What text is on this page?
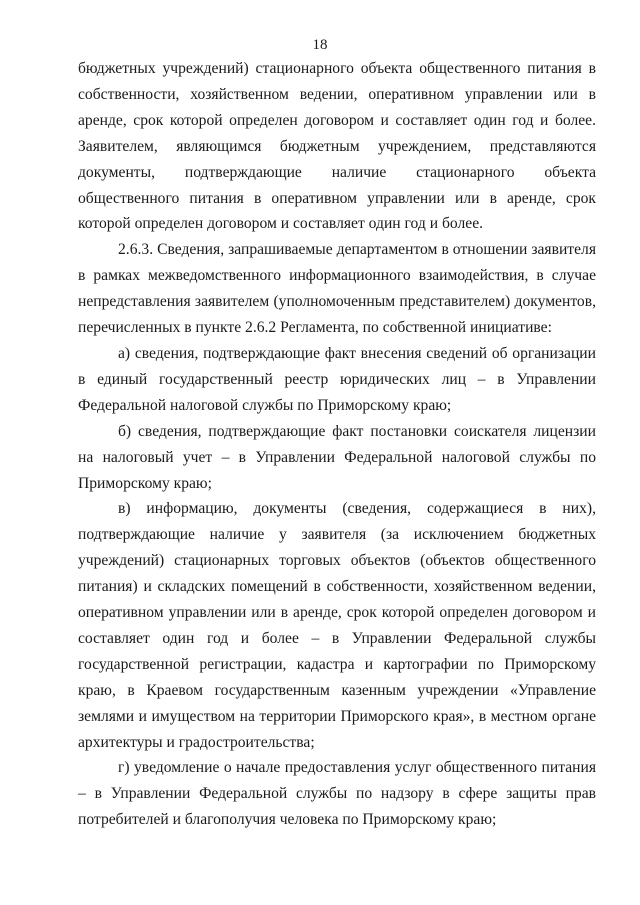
18

бюджетных учреждений) стационарного объекта общественного питания в собственности, хозяйственном ведении, оперативном управлении или в аренде, срок которой определен договором и составляет один год и более. Заявителем, являющимся бюджетным учреждением, представляются документы, подтверждающие наличие стационарного объекта общественного питания в оперативном управлении или в аренде, срок которой определен договором и составляет один год и более.

2.6.3. Сведения, запрашиваемые департаментом в отношении заявителя в рамках межведомственного информационного взаимодействия, в случае непредставления заявителем (уполномоченным представителем) документов, перечисленных в пункте 2.6.2 Регламента, по собственной инициативе:

а) сведения, подтверждающие факт внесения сведений об организации в единый государственный реестр юридических лиц – в Управлении Федеральной налоговой службы по Приморскому краю;

б) сведения, подтверждающие факт постановки соискателя лицензии на налоговый учет – в Управлении Федеральной налоговой службы по Приморскому краю;

в) информацию, документы (сведения, содержащиеся в них), подтверждающие наличие у заявителя (за исключением бюджетных учреждений) стационарных торговых объектов (объектов общественного питания) и складских помещений в собственности, хозяйственном ведении, оперативном управлении или в аренде, срок которой определен договором и составляет один год и более – в Управлении Федеральной службы государственной регистрации, кадастра и картографии по Приморскому краю, в Краевом государственным казенным учреждении «Управление землями и имуществом на территории Приморского края», в местном органе архитектуры и градостроительства;

г) уведомление о начале предоставления услуг общественного питания – в Управлении Федеральной службы по надзору в сфере защиты прав потребителей и благополучия человека по Приморскому краю;
